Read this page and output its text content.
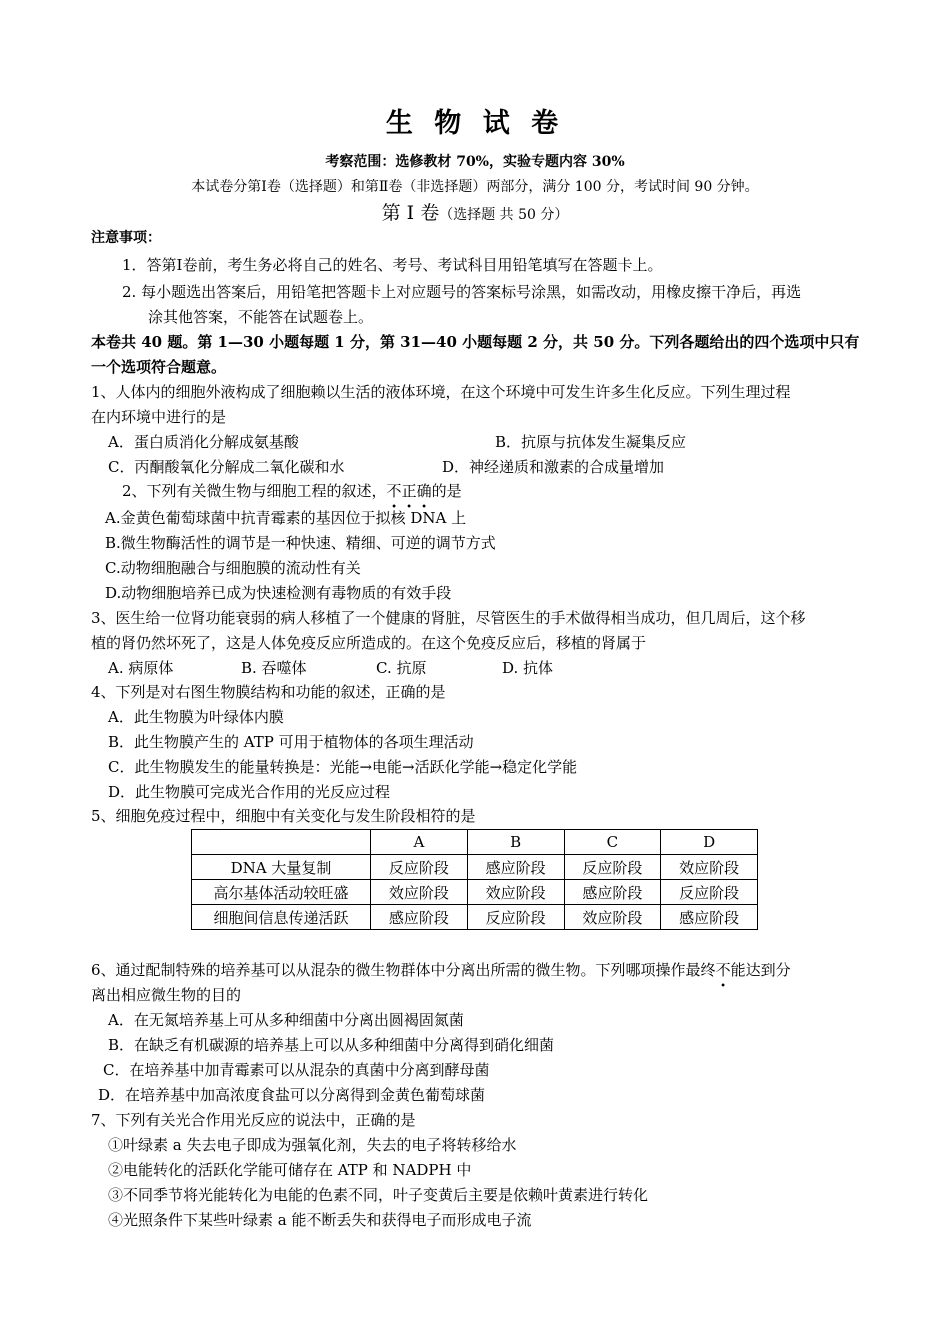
生 物 试 卷
考察范围：选修教材 70%，实验专题内容 30%
本试卷分第Ⅰ卷（选择题）和第Ⅱ卷（非选择题）两部分，满分 100 分，考试时间 90 分钟。
第 Ⅰ 卷（选择题 共 50 分）
注意事项：
1．答第Ⅰ卷前，考生务必将自己的姓名、考号、考试科目用铅笔填写在答题卡上。
2. 每小题选出答案后，用铅笔把答题卡上对应题号的答案标号涂黑，如需改动，用橡皮擦干净后，再选
涂其他答案，不能答在试题卷上。
本卷共 40 题。第 1—30 小题每题 1 分，第 31—40 小题每题 2 分，共 50 分。下列各题给出的四个选项中只有
一个选项符合题意。
1、人体内的细胞外液构成了细胞赖以生活的液体环境，在这个环境中可发生许多生化反应。下列生理过程
在内环境中进行的是
A．蛋白质消化分解成氨基酸	B．抗原与抗体发生凝集反应
C．丙酮酸氧化分解成二氧化碳和水	D．神经递质和激素的合成量增加
2、下列有关微生物与细胞工程的叙述，不正确的是
A.金黄色葡萄球菌中抗青霉素的基因位于拟核 DNA 上
B.微生物酶活性的调节是一种快速、精细、可逆的调节方式
C.动物细胞融合与细胞膜的流动性有关
D.动物细胞培养已成为快速检测有毒物质的有效手段
3、医生给一位肾功能衰弱的病人移植了一个健康的肾脏，尽管医生的手术做得相当成功，但几周后，这个移
植的肾仍然坏死了，这是人体免疫反应所造成的。在这个免疫反应后，移植的肾属于
A. 病原体	B. 吞噬体	C. 抗原	D. 抗体
4、下列是对右图生物膜结构和功能的叙述，正确的是
A．此生物膜为叶绿体内膜
B．此生物膜产生的 ATP 可用于植物体的各项生理活动
C．此生物膜发生的能量转换是：光能→电能→活跃化学能→稳定化学能
D．此生物膜可完成光合作用的光反应过程
5、细胞免疫过程中，细胞中有关变化与发生阶段相符的是
	A	B	C	D
DNA 大量复制	反应阶段	感应阶段	反应阶段	效应阶段
高尔基体活动较旺盛	效应阶段	效应阶段	感应阶段	反应阶段
细胞间信息传递活跃	感应阶段	反应阶段	效应阶段	感应阶段
6、通过配制特殊的培养基可以从混杂的微生物群体中分离出所需的微生物。下列哪项操作最终不能达到分
离出相应微生物的目的
A．在无氮培养基上可从多种细菌中分离出圆褐固氮菌
B．在缺乏有机碳源的培养基上可以从多种细菌中分离得到硝化细菌
C．在培养基中加青霉素可以从混杂的真菌中分离到酵母菌
D．在培养基中加高浓度食盐可以分离得到金黄色葡萄球菌
7、下列有关光合作用光反应的说法中，正确的是
①叶绿素 a 失去电子即成为强氧化剂，失去的电子将转移给水
②电能转化的活跃化学能可储存在 ATP 和 NADPH 中
③不同季节将光能转化为电能的色素不同，叶子变黄后主要是依赖叶黄素进行转化
④光照条件下某些叶绿素 a 能不断丢失和获得电子而形成电子流
